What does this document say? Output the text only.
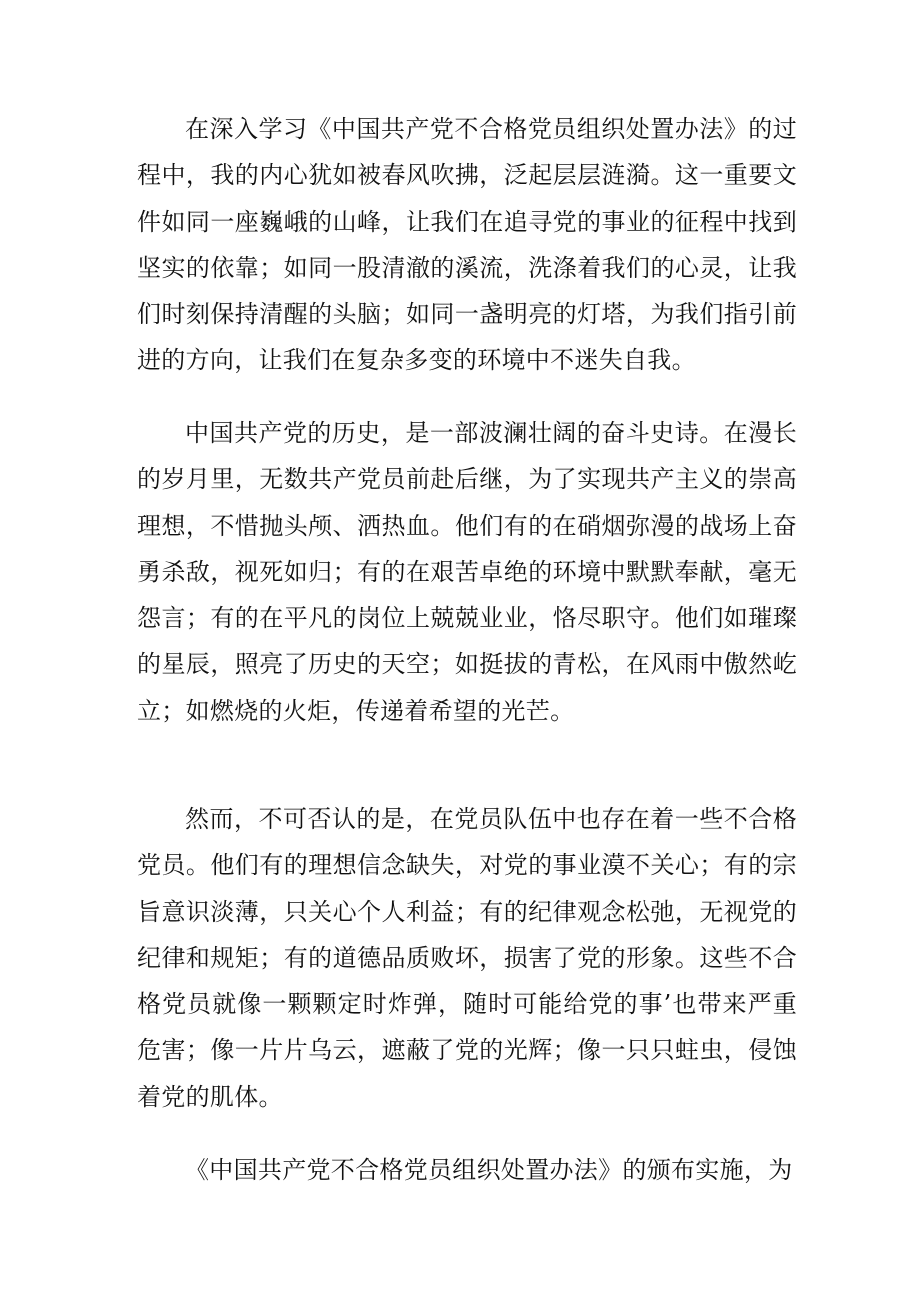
在深入学习《中国共产党不合格党员组织处置办法》的过程中，我的内心犹如被春风吹拂，泛起层层涟漪。这一重要文件如同一座巍峨的山峰，让我们在追寻党的事业的征程中找到坚实的依靠；如同一股清澈的溪流，洗涤着我们的心灵，让我们时刻保持清醒的头脑；如同一盏明亮的灯塔，为我们指引前进的方向，让我们在复杂多变的环境中不迷失自我。

中国共产党的历史，是一部波澜壮阔的奋斗史诗。在漫长的岁月里，无数共产党员前赴后继，为了实现共产主义的崇高理想，不惜抛头颅、洒热血。他们有的在硝烟弥漫的战场上奋勇杀敌，视死如归；有的在艰苦卓绝的环境中默默奉献，毫无怨言；有的在平凡的岗位上兢兢业业，恪尽职守。他们如璀璨的星辰，照亮了历史的天空；如挺拔的青松，在风雨中傲然屹立；如燃烧的火炬，传递着希望的光芒。

然而，不可否认的是，在党员队伍中也存在着一些不合格党员。他们有的理想信念缺失，对党的事业漠不关心；有的宗旨意识淡薄，只关心个人利益；有的纪律观念松弛，无视党的纪律和规矩；有的道德品质败坏，损害了党的形象。这些不合格党员就像一颗颗定时炸弹，随时可能给党的事’也带来严重危害；像一片片乌云，遮蔽了党的光辉；像一只只蛀虫，侵蚀着党的肌体。

《中国共产党不合格党员组织处置办法》的颁布实施，为
